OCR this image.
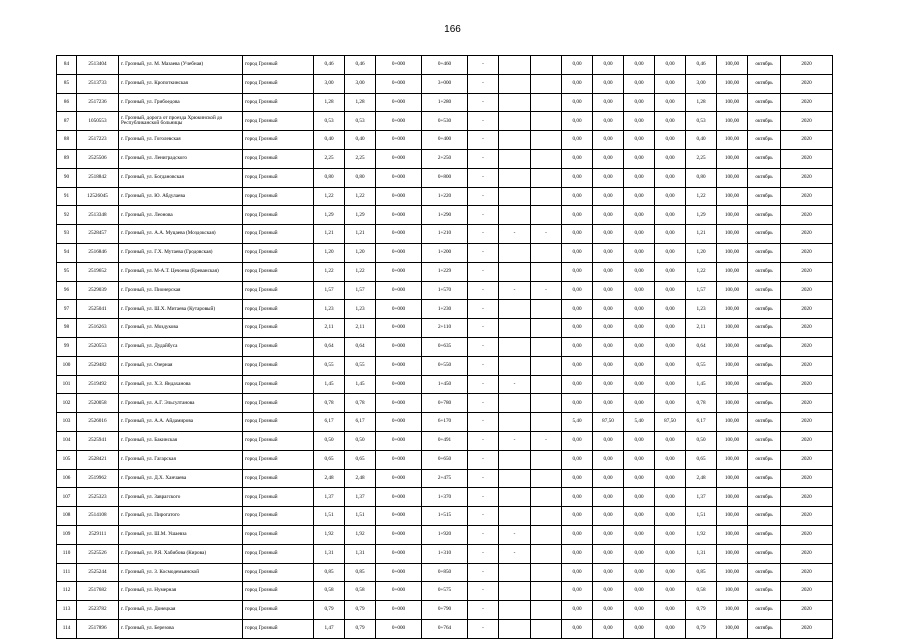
166
84	2513404	г. Грозный, ул. М. Мазаева (Учебная)	город Грозный	0,46	0,46	0+000	0+460	-			0,00	0,00	0,00	0,00	0,46	100,00	октябрь	2020
85	2513733	г. Грозный, ул. Кропоткинская	город Грозный	3,00	3,00	0+000	3+000	-			0,00	0,00	0,00	0,00	3,00	100,00	октябрь	2020
86	2517236	г. Грозный, ул. Грибоедова	город Грозный	1,28	1,28	0+000	1+280	-			0,00	0,00	0,00	0,00	1,28	100,00	октябрь	2020
87	1050553	г. Грозный, дорога от проезда Хрюкинской до Республиканской больницы	город Грозный	0,53	0,53	0+000	0+530	-			0,00	0,00	0,00	0,00	0,53	100,00	октябрь	2020
88	2517223	г. Грозный, ул. Гоголевская	город Грозный	0,40	0,40	0+000	0+400	-			0,00	0,00	0,00	0,00	0,40	100,00	октябрь	2020
89	2525506	г. Грозный, ул. Лениградского	город Грозный	2,25	2,25	0+000	2+250	-			0,00	0,00	0,00	0,00	2,25	100,00	октябрь	2020
90	2518842	г. Грозный, ул. Богдановская	город Грозный	0,80	0,80	0+000	0+800	-			0,00	0,00	0,00	0,00	0,80	100,00	октябрь	2020
91	12526045	г. Грозный, ул. Ю. Абдулаева	город Грозный	1,22	1,22	0+000	1+220	-			0,00	0,00	0,00	0,00	1,22	100,00	октябрь	2020
92	2513348	г. Грозный, ул. Леонова	город Грозный	1,29	1,29	0+000	1+290	-			0,00	0,00	0,00	0,00	1,29	100,00	октябрь	2020
93	2528457	г. Грозный, ул. А.А. Муцаева (Моздокская)	город Грозный	1,21	1,21	0+000	1+210	-	-	-	0,00	0,00	0,00	0,00	1,21	100,00	октябрь	2020
94	2516846	г. Грозный, ул. Г.Х. Мутаева (Гродовская)	город Грозный	1,20	1,20	0+000	1+200	-			0,00	0,00	0,00	0,00	1,20	100,00	октябрь	2020
95	2519652	г. Грозный, ул. М-А.Т. Цечоева (Ереванская)	город Грозный	1,22	1,22	0+000	1+229	-			0,00	0,00	0,00	0,00	1,22	100,00	октябрь	2020
96	2529039	г. Грозный, ул. Пионерская	город Грозный	1,57	1,57	0+000	1+570	-	-	-	0,00	0,00	0,00	0,00	1,57	100,00	октябрь	2020
97	2525041	г. Грозный, ул. Ш.Х. Митаева (Кутаровый)	город Грозный	1,23	1,23	0+000	1+230	-			0,00	0,00	0,00	0,00	1,23	100,00	октябрь	2020
98	2516263	г. Грозный, ул. Моздукова	город Грозный	2,11	2,11	0+000	2+110	-			0,00	0,00	0,00	0,00	2,11	100,00	октябрь	2020
99	2520553	г. Грозный, ул. Дудайбуса	город Грозный	0,64	0,64	0+000	0+635	-			0,00	0,00	0,00	0,00	0,64	100,00	октябрь	2020
100	2529482	г. Грозный, ул. Озерная	город Грозный	0,55	0,55	0+000	0+550	-			0,00	0,00	0,00	0,00	0,55	100,00	октябрь	2020
101	2519492	г. Грозный, ул. Х.З. Яндаханова	город Грозный	1,45	1,45	0+000	1+450	-	-		0,00	0,00	0,00	0,00	1,45	100,00	октябрь	2020
102	2520058	г. Грозный, ул. А.Г. Эльсултанова	город Грозный	0,78	0,78	0+000	0+780	-			0,00	0,00	0,00	0,00	0,78	100,00	октябрь	2020
103	2526016	г. Грозный, ул. А.А. Айдамирова	город Грозный	6,17	6,17	0+000	6+170	-			5,40	87,50	5,40	87,50	6,17	100,00	октябрь	2020
104	2525941	г. Грозный, ул. Бакинская	город Грозный	0,50	0,50	0+000	0+491	-	-	-	0,00	0,00	0,00	0,00	0,50	100,00	октябрь	2020
105	2528421	г. Грозный, ул. Гагарская	город Грозный	0,65	0,65	0+000	0+650	-			0,00	0,00	0,00	0,00	0,65	100,00	октябрь	2020
106	2519962	г. Грозный, ул. Д.Х. Ханчаева	город Грозный	2,48	2,48	0+000	2+475	-			0,00	0,00	0,00	0,00	2,48	100,00	октябрь	2020
107	2525323	г. Грозный, ул. Заврагского	город Грозный	1,37	1,37	0+000	1+370	-			0,00	0,00	0,00	0,00	1,37	100,00	октябрь	2020
108	2514108	г. Грозный, ул. Пирогатого	город Грозный	1,51	1,51	0+000	1+515	-			0,00	0,00	0,00	0,00	1,51	100,00	октябрь	2020
109	2529111	г. Грозный, ул. Ш.М. Ушаевза	город Грозный	1,92	1,92	0+000	1+920	-	-		0,00	0,00	0,00	0,00	1,92	100,00	октябрь	2020
110	2525526	г. Грозный, ул. Р.Я. Хабибова (Кирова)	город Грозный	1,31	1,31	0+000	1+310	-	-		0,00	0,00	0,00	0,00	1,31	100,00	октябрь	2020
111	2525244	г. Грозный, ул. З. Космодемьянской	город Грозный	0,85	0,85	0+000	0+850	-			0,00	0,00	0,00	0,00	0,85	100,00	октябрь	2020
112	2517682	г. Грозный, ул. Нумерная	город Грозный	0,58	0,58	0+000	0+575	-			0,00	0,00	0,00	0,00	0,58	100,00	октябрь	2020
113	2523782	г. Грозный, ул. Донецкая	город Грозный	0,79	0,79	0+000	0+790	-			0,00	0,00	0,00	0,00	0,79	100,00	октябрь	2020
114	2517896	г. Грозный, ул. Березова	город Грозный	1,47	0,79	0+000	0+764	-			0,00	0,00	0,00	0,00	0,79	100,00	октябрь	2020
